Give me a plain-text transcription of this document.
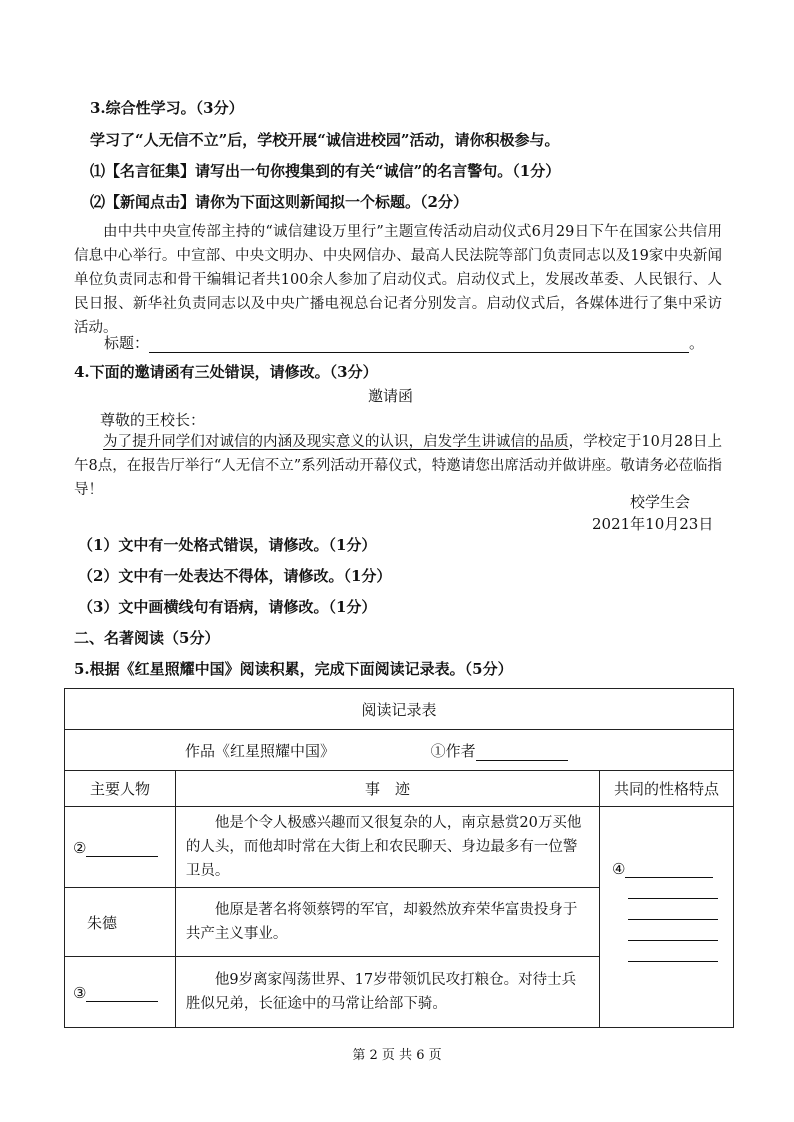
3.综合性学习。（3分）
学习了“人无信不立”后，学校开展“诚信进校园”活动，请你积极参与。
⑴【名言征集】请写出一句你搜集到的有关“诚信”的名言警句。（1分）
⑵【新闻点击】请你为下面这则新闻拟一个标题。（2分）

由中共中央宣传部主持的“诚信建设万里行”主题宣传活动启动仪式6月29日下午在国家公共信用信息中心举行。中宣部、中央文明办、中央网信办、最高人民法院等部门负责同志以及19家中央新闻单位负责同志和骨干编辑记者共100余人参加了启动仪式。启动仪式上，发展改革委、人民银行、人民日报、新华社负责同志以及中央广播电视总台记者分别发言。启动仪式后，各媒体进行了集中采访活动。

标题：	。
4.下面的邀请函有三处错误，请修改。（3分）
邀请函
尊敬的王校长：

为了提升同学们对诚信的内涵及现实意义的认识，启发学生讲诚信的品质，学校定于10月28日上午8点，在报告厅举行“人无信不立”系列活动开幕仪式，特邀请您出席活动并做讲座。敬请务必莅临指导！

校学生会
2021年10月23日
（1）文中有一处格式错误，请修改。（1分）
（2）文中有一处表达不得体，请修改。（1分）
（3）文中画横线句有语病，请修改。（1分）
二、名著阅读（5分）
5.根据《红星照耀中国》阅读积累，完成下面阅读记录表。（5分）
阅读记录表		

作品《红星照耀中国》 ①作者		

主要人物	事　迹	共同的性格特点
②	他是个令人极感兴趣而又很复杂的人，南京悬赏20万买他的人头，而他却时常在大街上和农民聊天、身边最多有一位警卫员。	④

朱德	他原是著名将领蔡锷的军官，却毅然放弃荣华富贵投身于共产主义事业。	

③	他9岁离家闯荡世界、17岁带领饥民攻打粮仓。对待士兵胜似兄弟，长征途中的马常让给部下骑。	

第 2 页 共 6 页
